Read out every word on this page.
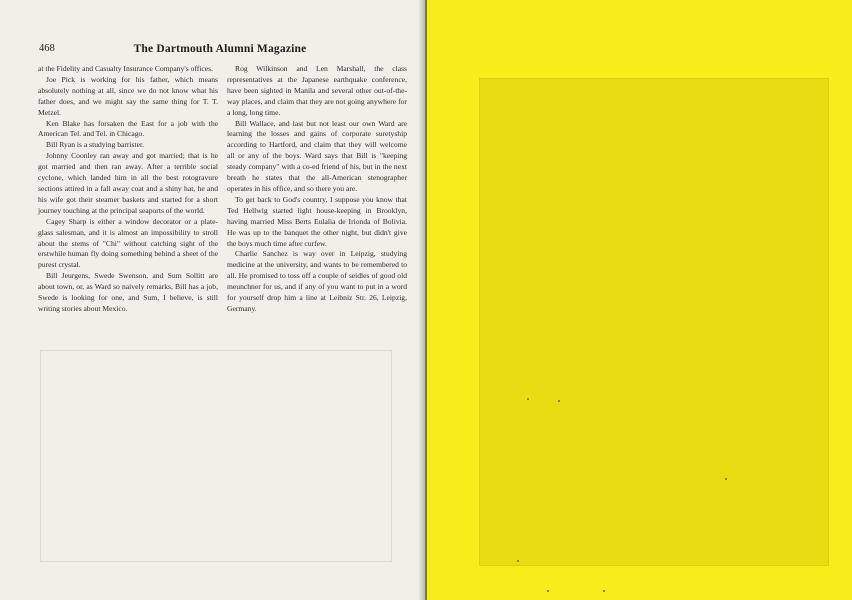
468	The Dartmouth Alumni Magazine

at the Fidelity and Casualty Insurance Company's offices.

Joe Pick is working for his father, which means absolutely nothing at all, since we do not know what his father does, and we might say the same thing for T. T. Metzel.

Ken Blake has forsaken the East for a job with the American Tel. and Tel. in Chicago.

Bill Ryan is a studying barrister.

Johnny Coonley ran away and got married; that is he got married and then ran away. After a terrible social cyclone, which landed him in all the best rotogravure sections attired in a fall away coat and a shiny hat, he and his wife got their steamer baskets and started for a short journey touching at the principal seaports of the world.

Cagey Sharp is either a window decorator or a plate-glass salesman, and it is almost an impossibility to stroll about the stems of "Chi" without catching sight of the erstwhile human fly doing something behind a sheet of the purest crystal.

Bill Jeurgens, Swede Swenson, and Sum Sollitt are about town, or, as Ward so naively remarks, Bill has a job, Swede is looking for one, and Sum, I believe, is still writing stories about Mexico.

Rog Wilkinson and Len Marshall, the class representatives at the Japanese earthquake conference, have been sighted in Manila and several other out-of-the-way places, and claim that they are not going anywhere for a long, long time.

Bill Wallace, and last but not least our own Ward are learning the losses and gains of corporate suretyship according to Hartford, and claim that they will welcome all or any of the boys. Ward says that Bill is "keeping steady company" with a co-ed friend of his, but in the next breath he states that the all-American stenographer operates in his office, and so there you are.

To get back to God's country, I suppose you know that Ted Hellwig started light house-keeping in Brooklyn, having married Miss Berts Eulalia de Irionda of Bolivia. He was up to the banquet the other night, but didn't give the boys much time after curfew.

Charlie Sanchez is way over in Leipzig, studying medicine at the university, and wants to be remembered to all. He promised to toss off a couple of seidles of good old meunchner for us, and if any of you want to put in a word for yourself drop him a line at Leibniz Str. 26, Leipzig, Germany.
